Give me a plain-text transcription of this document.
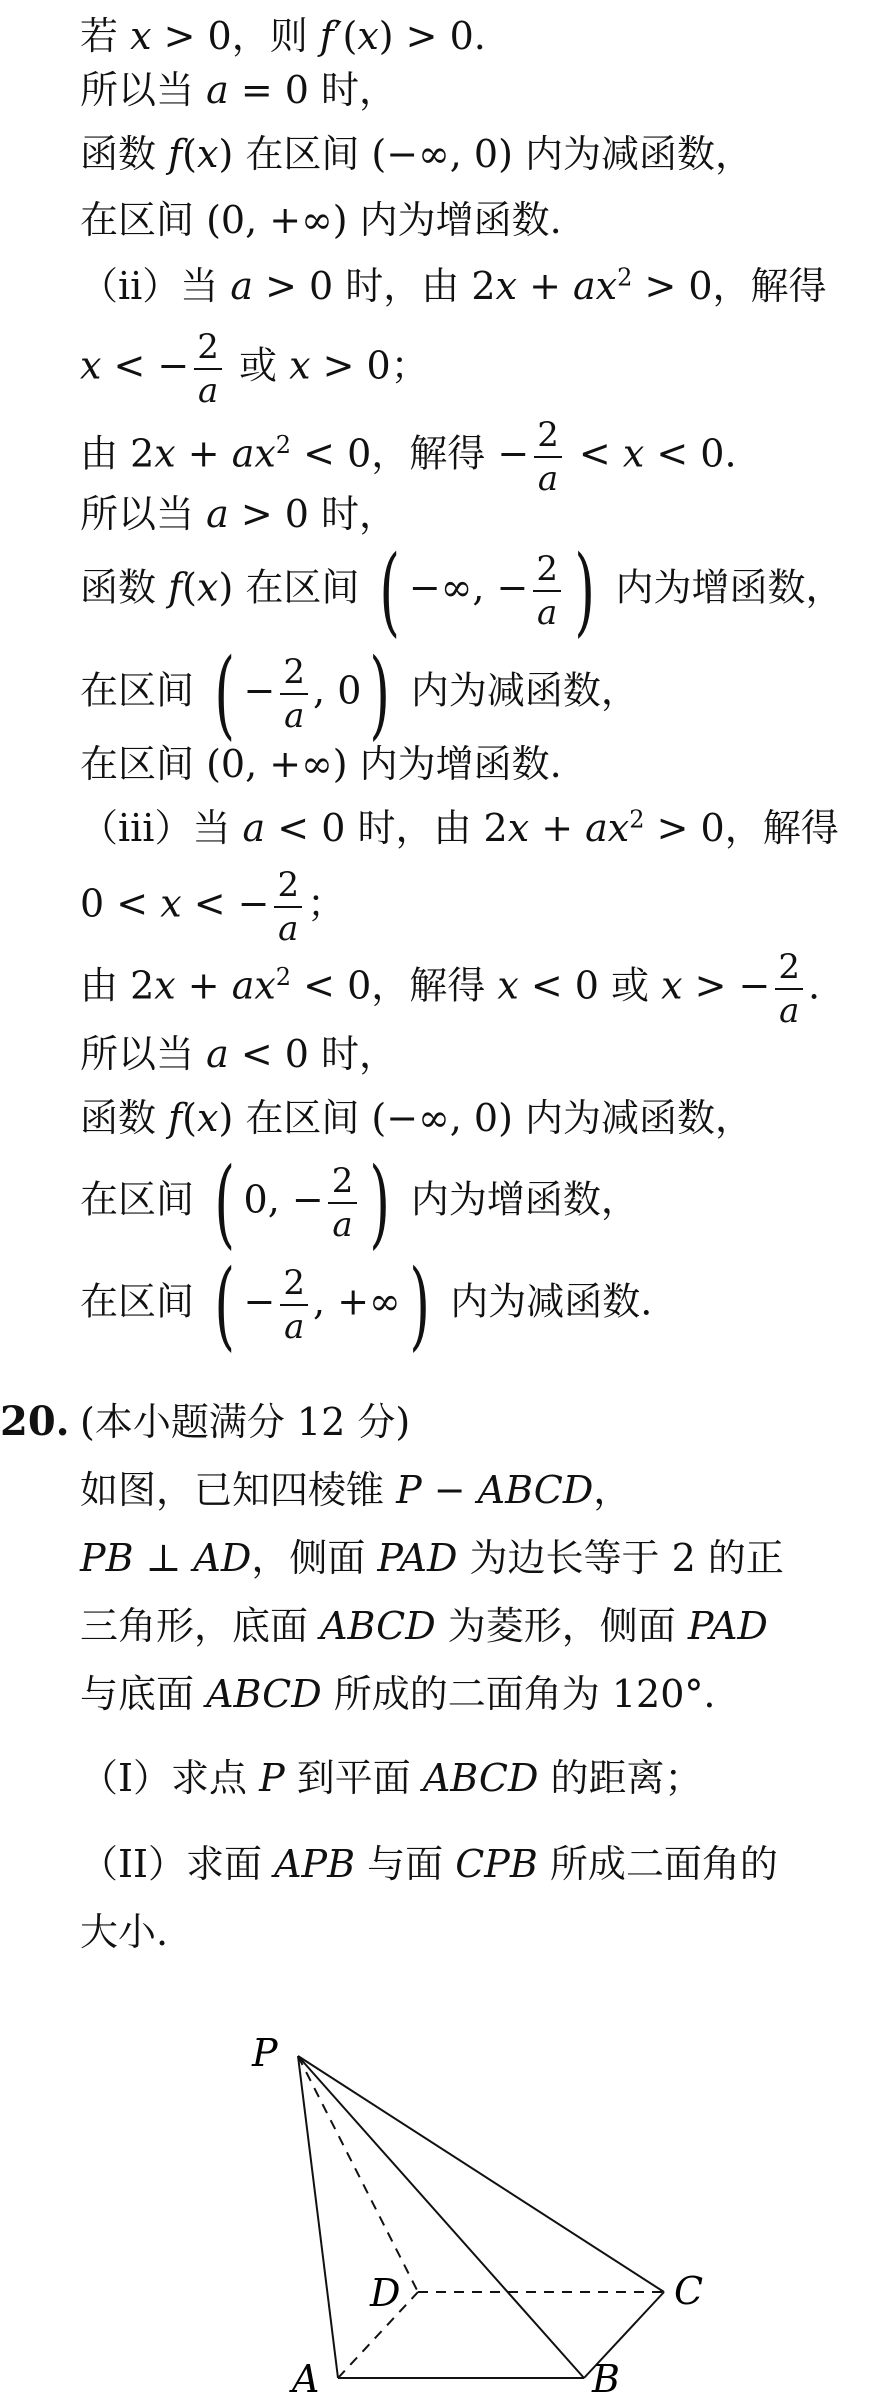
若 x > 0，则 f′(x) > 0.
所以当 a = 0 时，
函数 f(x) 在区间 (−∞, 0) 内为减函数，
在区间 (0, +∞) 内为增函数.
（ii）当 a > 0 时，由 $2x + ax^2 > 0$，解得
x < − $\frac{2}{a}$ 或 x > 0；
由 $2x + ax^2 < 0$，解得 − $\frac{2}{a} < x < 0$.
所以当 a > 0 时，
函数 f(x) 在区间 ( −∞, − $\frac{2}{a}$ ) 内为增函数，
在区间 ( − $\frac{2}{a}$ , 0) 内为减函数，
在区间 (0, +∞) 内为增函数.
（iii）当 a < 0 时，由 $2x + ax^2 > 0$，解得
0 < x < − $\frac{2}{a}$ ；
由 $2x + ax^2 < 0$，解得 x < 0 或 x > − $\frac{2}{a}$ .
所以当 a < 0 时，
函数 f(x) 在区间 (−∞, 0) 内为减函数，
在区间 ( 0, − $\frac{2}{a}$ ) 内为增函数，
在区间 ( − $\frac{2}{a}$ , +∞) 内为减函数.
20. (本小题满分 12 分)
如图，已知四棱锥 P − ABCD，
PB ⊥ AD，侧面 PAD 为边长等于 2 的正
三角形，底面 ABCD 为菱形，侧面 PAD
与底面 ABCD 所成的二面角为 120°.
（I）求点 P 到平面 ABCD 的距离；
（II）求面 APB 与面 CPB 所成二面角的
大小.
P
A	B
C
D
